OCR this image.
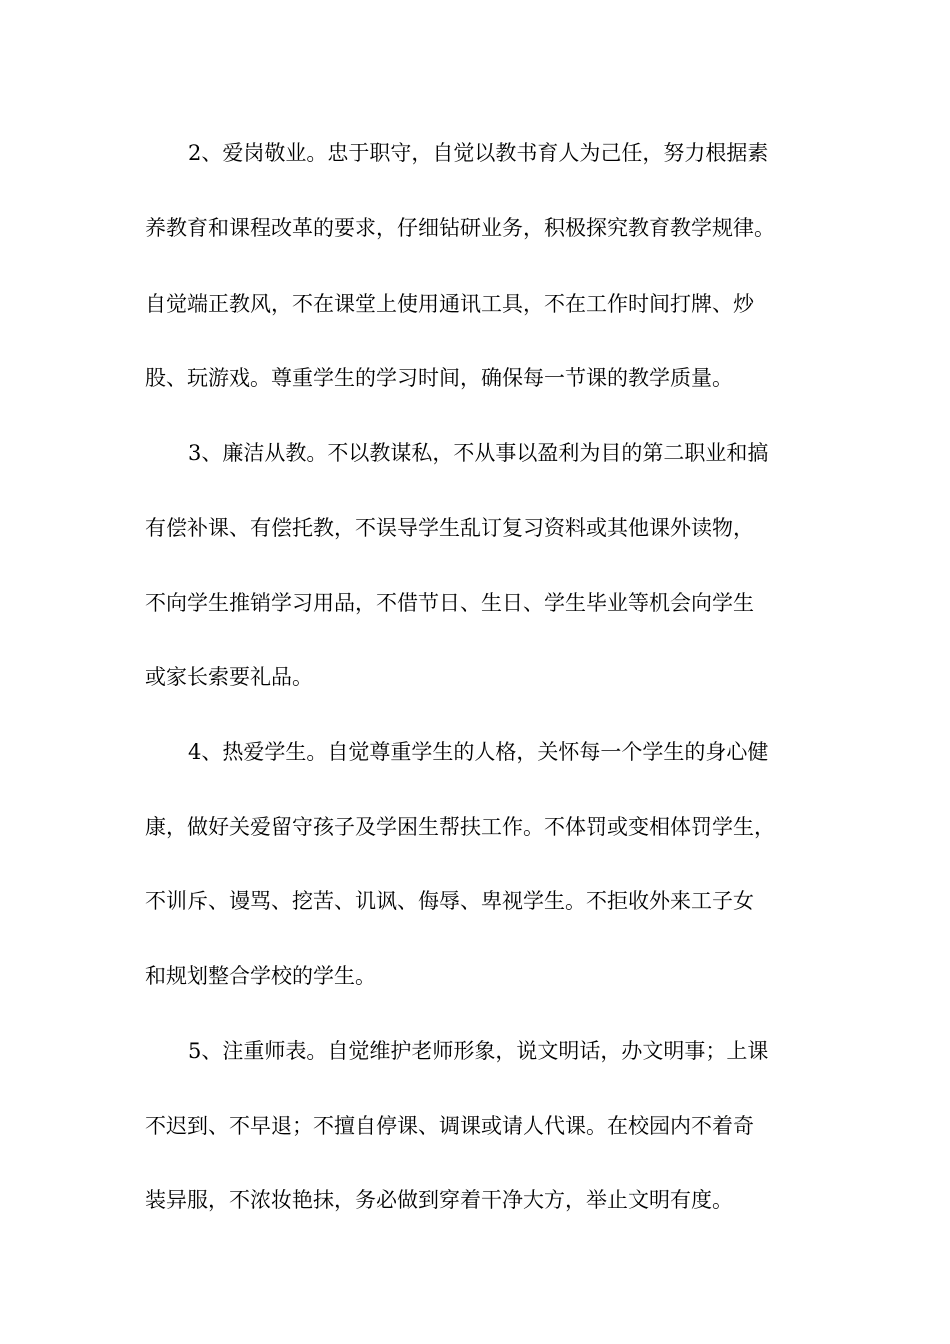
2、爱岗敬业。忠于职守，自觉以教书育人为己任，努力根据素
养教育和课程改革的要求，仔细钻研业务，积极探究教育教学规律。
自觉端正教风，不在课堂上使用通讯工具，不在工作时间打牌、炒
股、玩游戏。尊重学生的学习时间，确保每一节课的教学质量。
3、廉洁从教。不以教谋私，不从事以盈利为目的第二职业和搞
有偿补课、有偿托教，不误导学生乱订复习资料或其他课外读物，
不向学生推销学习用品，不借节日、生日、学生毕业等机会向学生
或家长索要礼品。
4、热爱学生。自觉尊重学生的人格，关怀每一个学生的身心健
康，做好关爱留守孩子及学困生帮扶工作。不体罚或变相体罚学生，
不训斥、谩骂、挖苦、讥讽、侮辱、卑视学生。不拒收外来工子女
和规划整合学校的学生。
5、注重师表。自觉维护老师形象，说文明话，办文明事；上课
不迟到、不早退；不擅自停课、调课或请人代课。在校园内不着奇
装异服，不浓妆艳抹，务必做到穿着干净大方，举止文明有度。
